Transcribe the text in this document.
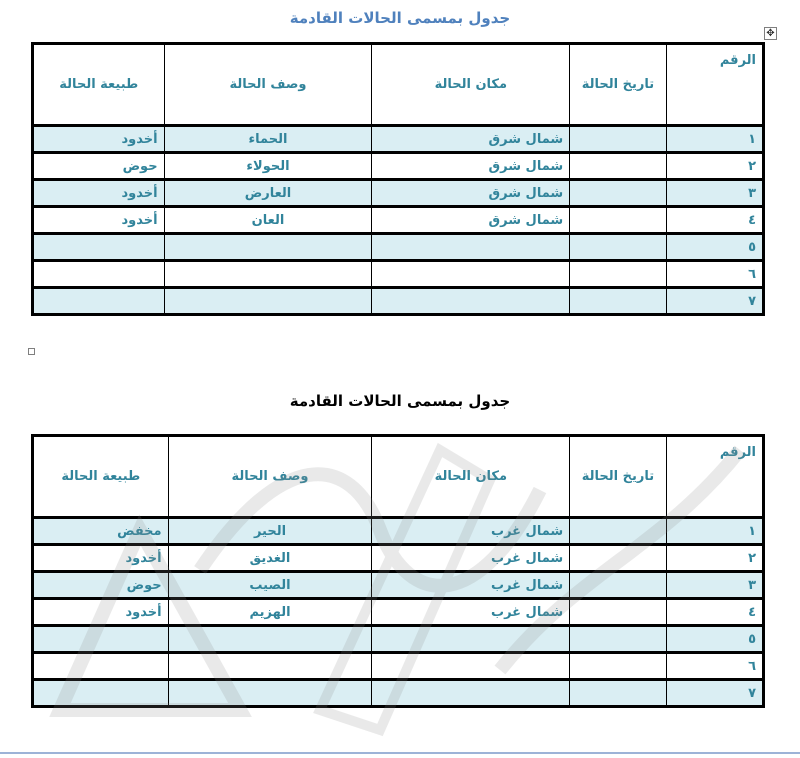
جدول بمسمى الحالات القادمة
✥
الرقم	تاريخ الحالة	مكان الحالة	وصف الحالة	طبيعة الحالة
١		شمال شرق	الحماء	أخدود
٢		شمال شرق	الحولاء	حوض
٣		شمال شرق	العارض	أخدود
٤		شمال شرق	العان	أخدود
٥				
٦				
٧				
جدول بمسمى الحالات القادمة
الرقم	تاريخ الحالة	مكان الحالة	وصف الحالة	طبيعة الحالة
١		شمال غرب	الحير	مخفض
٢		شمال غرب	الغديق	أخدود
٣		شمال غرب	الصيب	حوض
٤		شمال غرب	الهزيم	أخدود
٥				
٦				
٧				
